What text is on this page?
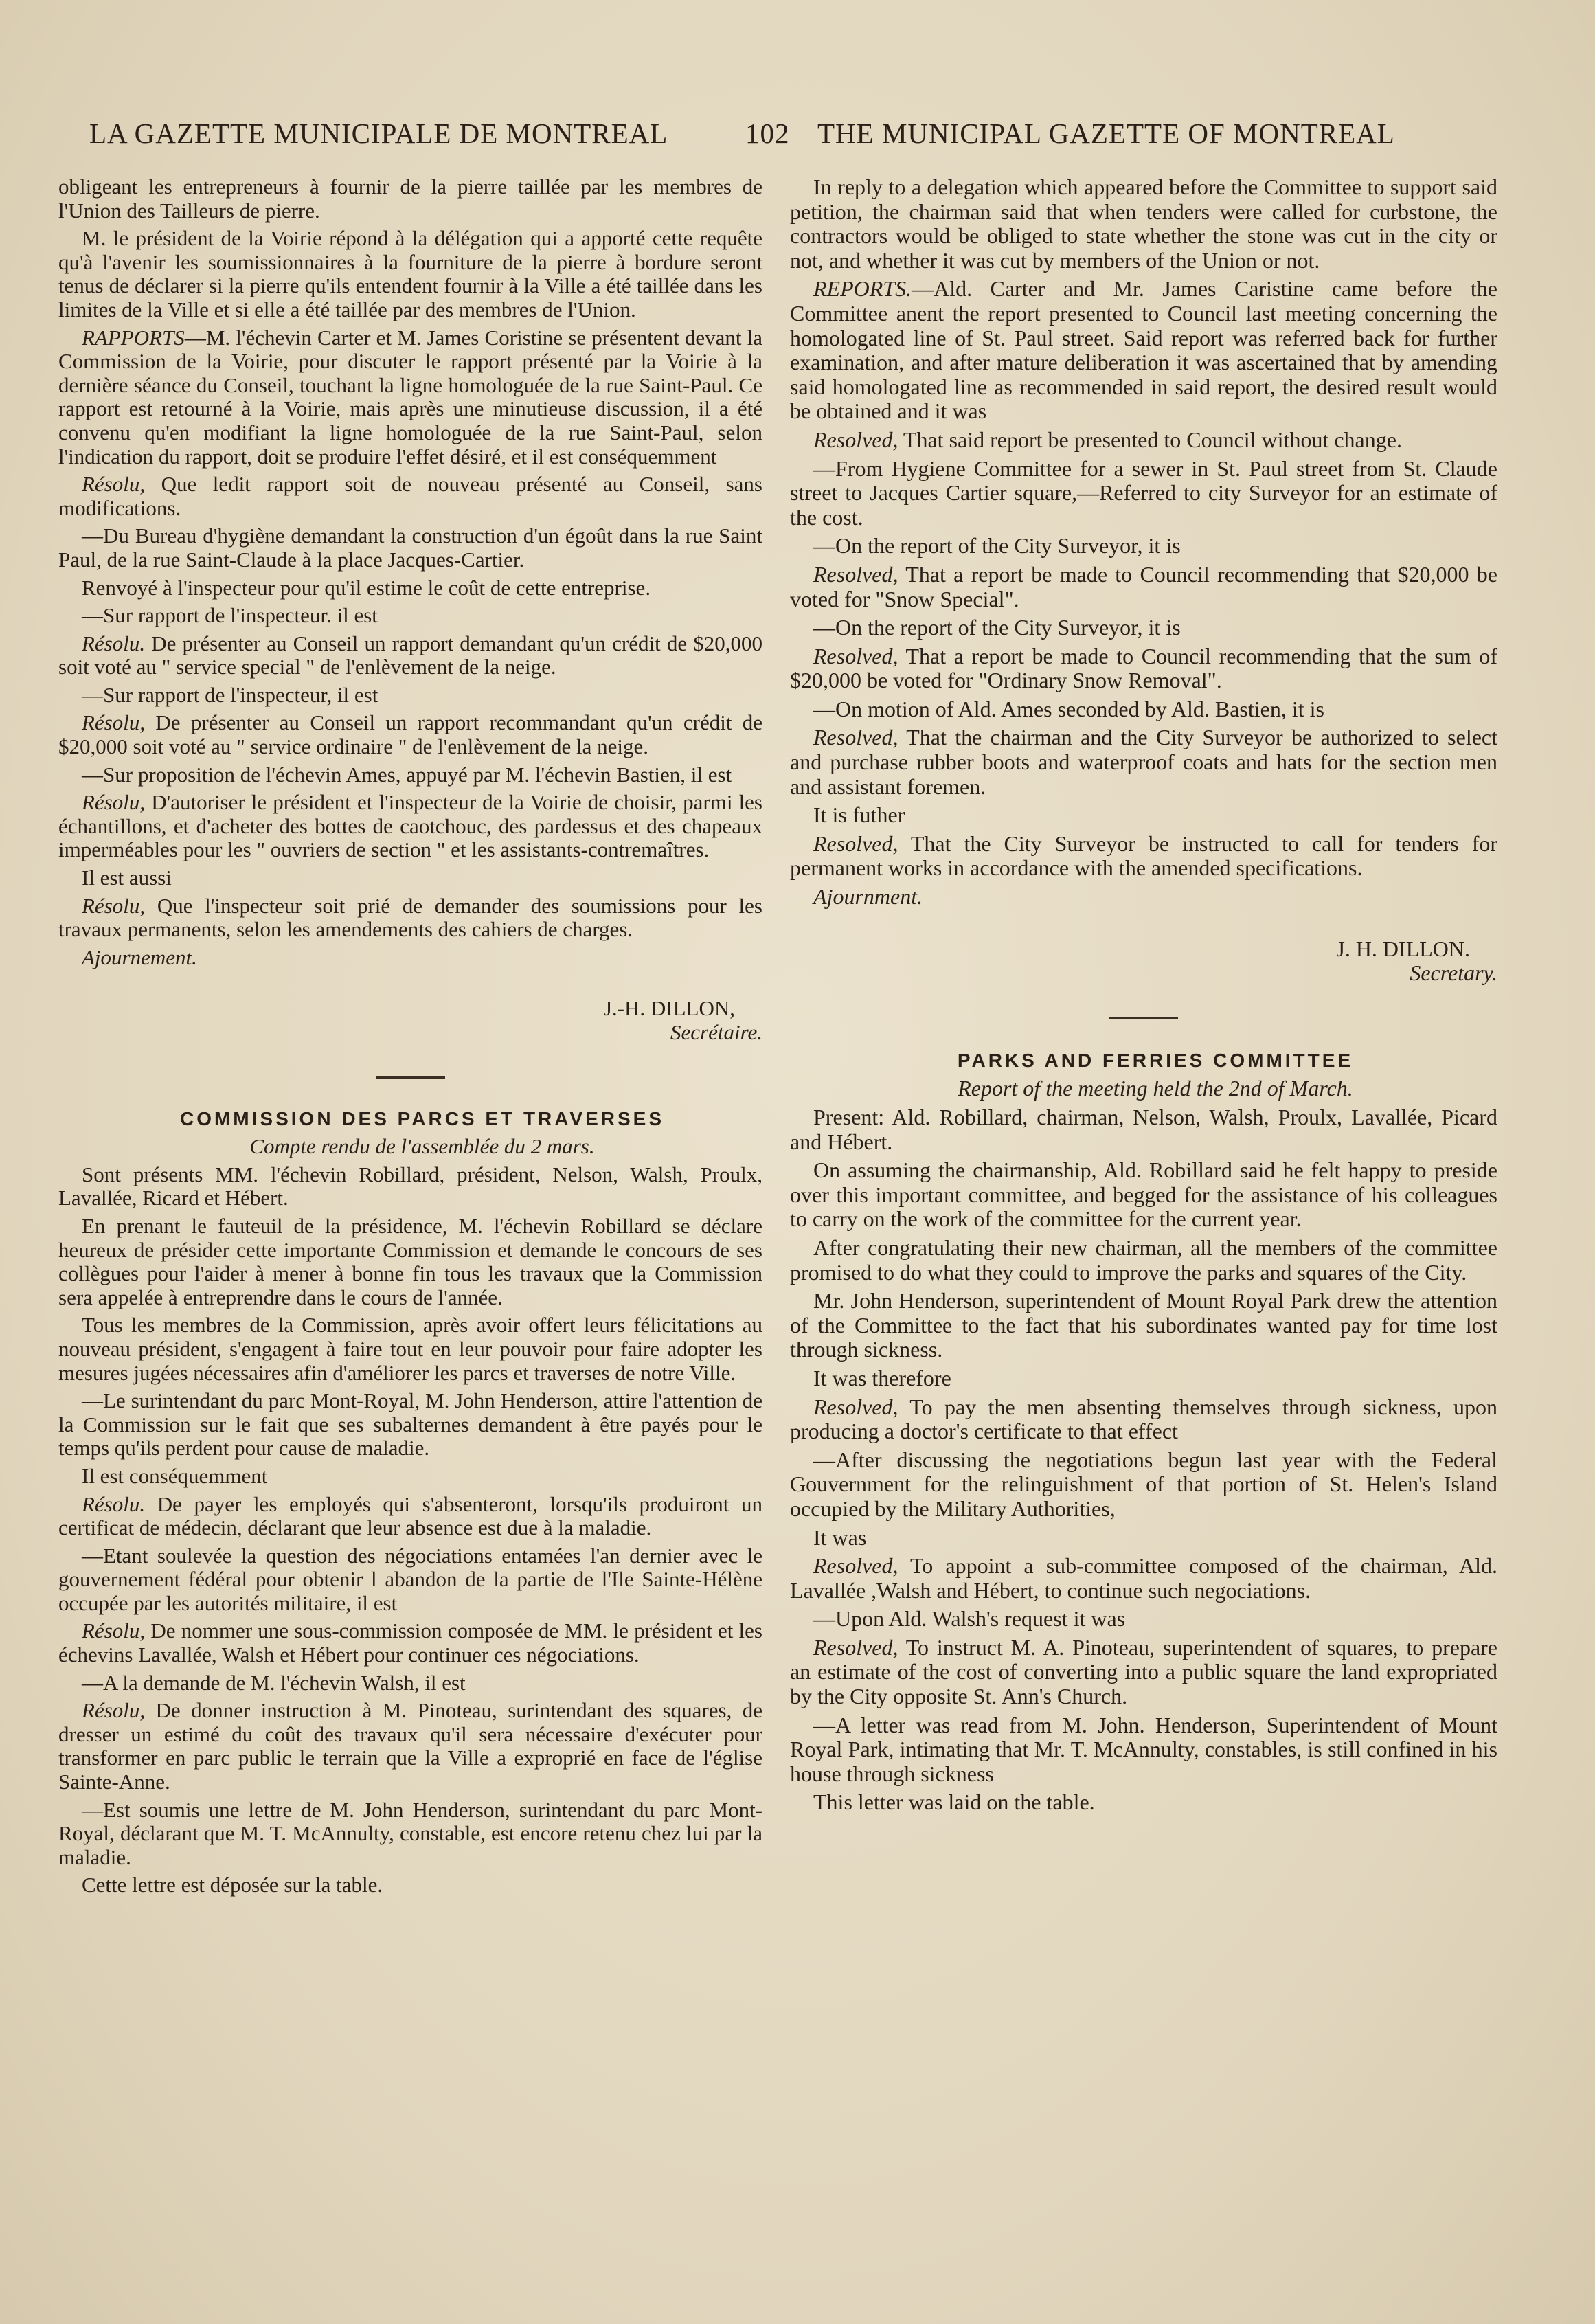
LA GAZETTE MUNICIPALE DE MONTREAL	102 THE MUNICIPAL GAZETTE OF MONTREAL

obligeant les entrepreneurs à fournir de la pierre taillée par les membres de l'Union des Tailleurs de pierre.

M. le président de la Voirie répond à la délégation qui a apporté cette requête qu'à l'avenir les soumissionnaires à la fourniture de la pierre à bordure seront tenus de déclarer si la pierre qu'ils entendent fournir à la Ville a été taillée dans les limites de la Ville et si elle a été taillée par des membres de l'Union.

RAPPORTS—M. l'échevin Carter et M. James Coristine se présentent devant la Commission de la Voirie, pour discuter le rapport présenté par la Voirie à la dernière séance du Conseil, touchant la ligne homologuée de la rue Saint-Paul. Ce rapport est retourné à la Voirie, mais après une minutieuse discussion, il a été convenu qu'en modifiant la ligne homologuée de la rue Saint-Paul, selon l'indication du rapport, doit se produire l'effet désiré, et il est conséquemment

Résolu, Que ledit rapport soit de nouveau présenté au Conseil, sans modifications.

—Du Bureau d'hygiène demandant la construction d'un égoût dans la rue Saint Paul, de la rue Saint-Claude à la place Jacques-Cartier.

Renvoyé à l'inspecteur pour qu'il estime le coût de cette entreprise.

—Sur rapport de l'inspecteur. il est

Résolu. De présenter au Conseil un rapport demandant qu'un crédit de $20,000 soit voté au " service special " de l'enlèvement de la neige.

—Sur rapport de l'inspecteur, il est

Résolu, De présenter au Conseil un rapport recommandant qu'un crédit de $20,000 soit voté au " service ordinaire " de l'enlèvement de la neige.

—Sur proposition de l'échevin Ames, appuyé par M. l'échevin Bastien, il est

Résolu, D'autoriser le président et l'inspecteur de la Voirie de choisir, parmi les échantillons, et d'acheter des bottes de caotchouc, des pardessus et des chapeaux imperméables pour les " ouvriers de section " et les assistants-contremaîtres.

Il est aussi

Résolu, Que l'inspecteur soit prié de demander des soumissions pour les travaux permanents, selon les amendements des cahiers de charges.

Ajournement.

J.-H. DILLON,

Secrétaire.

COMMISSION DES PARCS ET TRAVERSES

Compte rendu de l'assemblée du 2 mars.

Sont présents MM. l'échevin Robillard, président, Nelson, Walsh, Proulx, Lavallée, Ricard et Hébert.

En prenant le fauteuil de la présidence, M. l'échevin Robillard se déclare heureux de présider cette importante Commission et demande le concours de ses collègues pour l'aider à mener à bonne fin tous les travaux que la Commission sera appelée à entreprendre dans le cours de l'année.

Tous les membres de la Commission, après avoir offert leurs félicitations au nouveau président, s'engagent à faire tout en leur pouvoir pour faire adopter les mesures jugées nécessaires afin d'améliorer les parcs et traverses de notre Ville.

—Le surintendant du parc Mont-Royal, M. John Henderson, attire l'attention de la Commission sur le fait que ses subalternes demandent à être payés pour le temps qu'ils perdent pour cause de maladie.

Il est conséquemment

Résolu. De payer les employés qui s'absenteront, lorsqu'ils produiront un certificat de médecin, déclarant que leur absence est due à la maladie.

—Etant soulevée la question des négociations entamées l'an dernier avec le gouvernement fédéral pour obtenir l abandon de la partie de l'Ile Sainte-Hélène occupée par les autorités militaire, il est

Résolu, De nommer une sous-commission composée de MM. le président et les échevins Lavallée, Walsh et Hébert pour continuer ces négociations.

—A la demande de M. l'échevin Walsh, il est

Résolu, De donner instruction à M. Pinoteau, surintendant des squares, de dresser un estimé du coût des travaux qu'il sera nécessaire d'exécuter pour transformer en parc public le terrain que la Ville a exproprié en face de l'église Sainte-Anne.

—Est soumis une lettre de M. John Henderson, surintendant du parc Mont-Royal, déclarant que M. T. McAnnulty, constable, est encore retenu chez lui par la maladie.

Cette lettre est déposée sur la table.

In reply to a delegation which appeared before the Committee to support said petition, the chairman said that when tenders were called for curbstone, the contractors would be obliged to state whether the stone was cut in the city or not, and whether it was cut by members of the Union or not.

REPORTS.—Ald. Carter and Mr. James Caristine came before the Committee anent the report presented to Council last meeting concerning the homologated line of St. Paul street. Said report was referred back for further examination, and after mature deliberation it was ascertained that by amending said homologated line as recommended in said report, the desired result would be obtained and it was

Resolved, That said report be presented to Council without change.

—From Hygiene Committee for a sewer in St. Paul street from St. Claude street to Jacques Cartier square,—Referred to city Surveyor for an estimate of the cost.

—On the report of the City Surveyor, it is

Resolved, That a report be made to Council recommending that $20,000 be voted for "Snow Special".

—On the report of the City Surveyor, it is

Resolved, That a report be made to Council recommending that the sum of $20,000 be voted for "Ordinary Snow Removal".

—On motion of Ald. Ames seconded by Ald. Bastien, it is

Resolved, That the chairman and the City Surveyor be authorized to select and purchase rubber boots and waterproof coats and hats for the section men and assistant foremen.

It is futher

Resolved, That the City Surveyor be instructed to call for tenders for permanent works in accordance with the amended specifications.

Ajournment.

J. H. DILLON.

Secretary.

PARKS AND FERRIES COMMITTEE

Report of the meeting held the 2nd of March.

Present: Ald. Robillard, chairman, Nelson, Walsh, Proulx, Lavallée, Picard and Hébert.

On assuming the chairmanship, Ald. Robillard said he felt happy to preside over this important committee, and begged for the assistance of his colleagues to carry on the work of the committee for the current year.

After congratulating their new chairman, all the members of the committee promised to do what they could to improve the parks and squares of the City.

Mr. John Henderson, superintendent of Mount Royal Park drew the attention of the Committee to the fact that his subordinates wanted pay for time lost through sickness.

It was therefore

Resolved, To pay the men absenting themselves through sickness, upon producing a doctor's certificate to that effect

—After discussing the negotiations begun last year with the Federal Gouvernment for the relinguishment of that portion of St. Helen's Island occupied by the Military Authorities,

It was

Resolved, To appoint a sub-committee composed of the chairman, Ald. Lavallée ,Walsh and Hébert, to continue such negociations.

—Upon Ald. Walsh's request it was

Resolved, To instruct M. A. Pinoteau, superintendent of squares, to prepare an estimate of the cost of converting into a public square the land expropriated by the City opposite St. Ann's Church.

—A letter was read from M. John. Henderson, Superintendent of Mount Royal Park, intimating that Mr. T. McAnnulty, constables, is still confined in his house through sickness

This letter was laid on the table.
